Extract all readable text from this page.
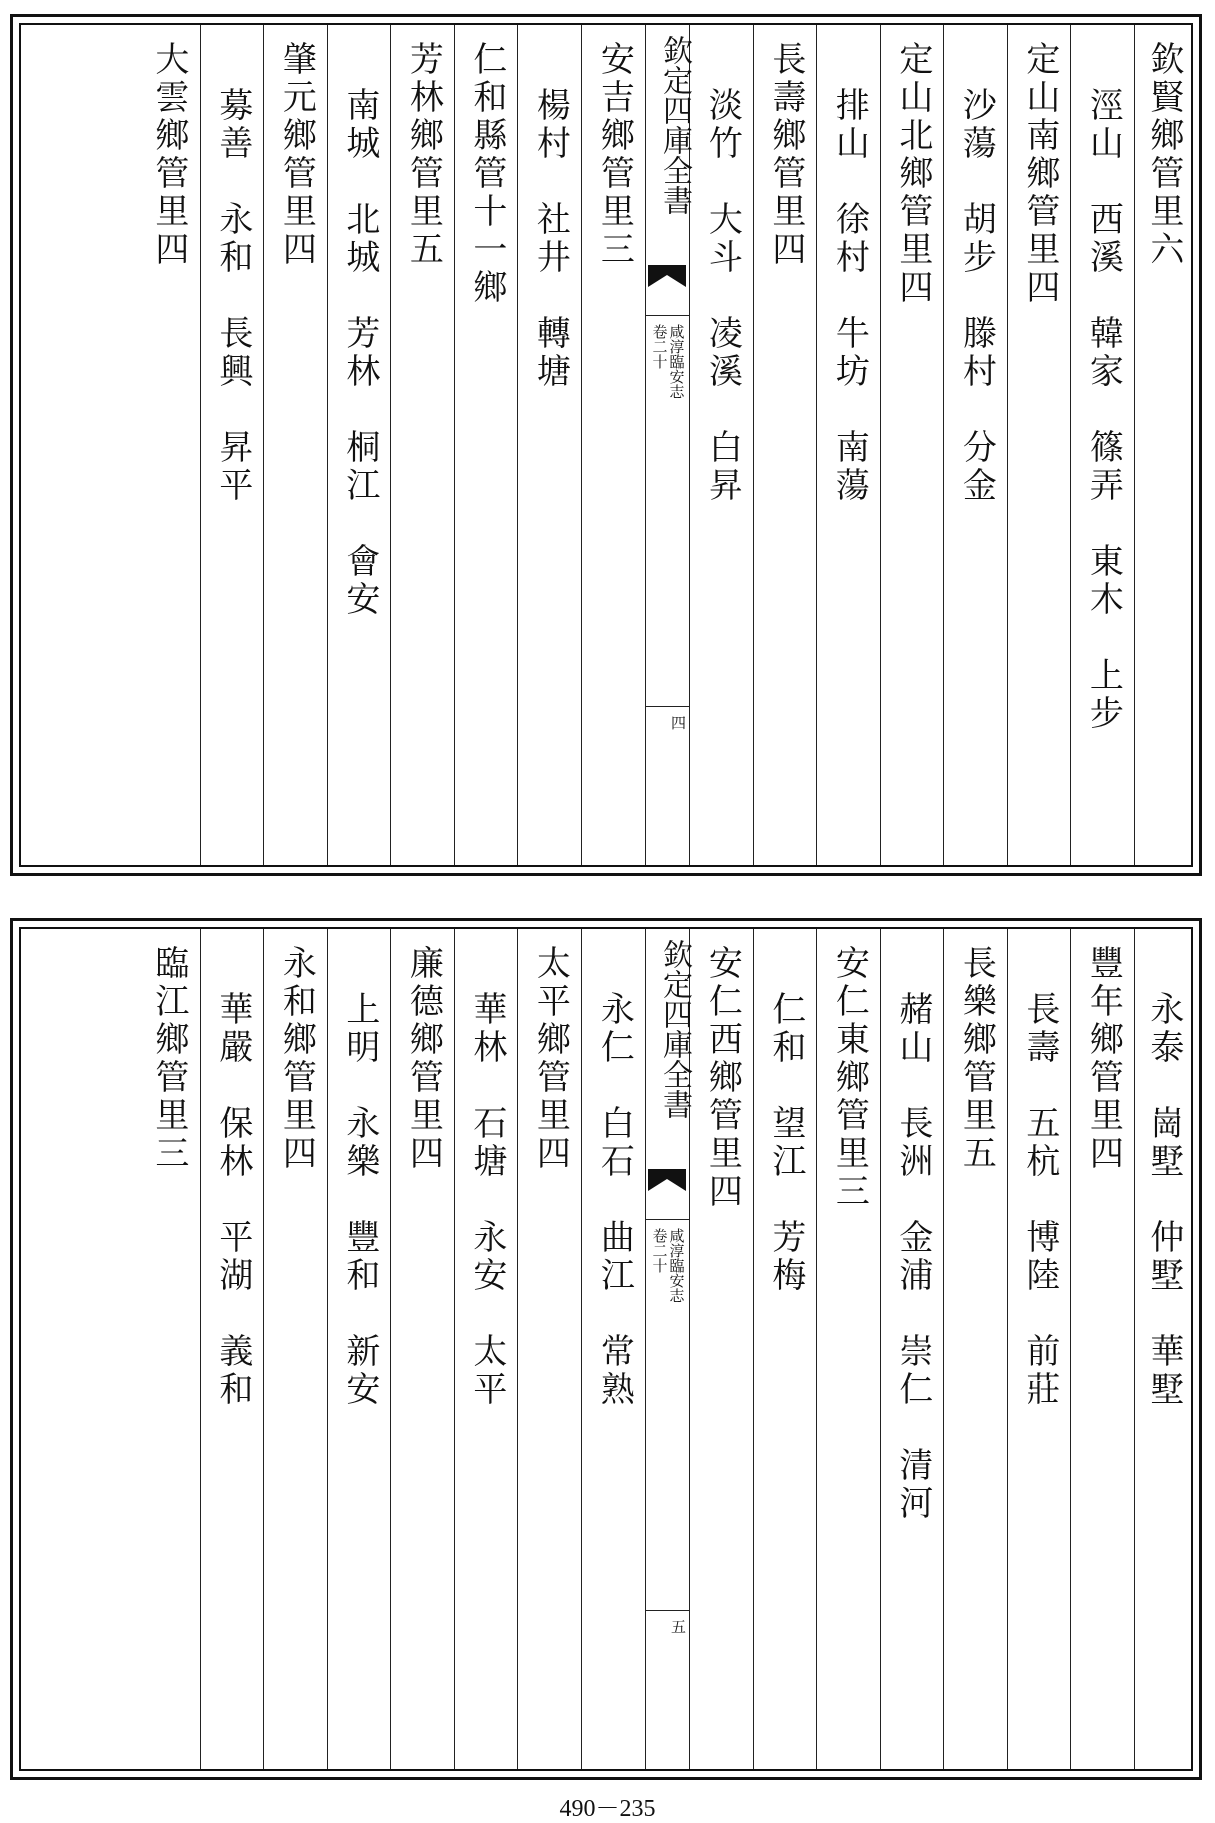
欽賢鄉管里六
涇山　西溪　韓家　篠弄　東木　上步
定山南鄉管里四
沙蕩　胡步　滕村　分金
定山北鄉管里四
排山　徐村　牛坊　南蕩
長壽鄉管里四
淡竹　大斗　凌溪　白昇
欽定四庫全書
咸淳臨安志
卷二十
四
安吉鄉管里三
楊村　社井　轉塘
仁和縣管十一鄉
芳林鄉管里五
南城　北城　芳林　桐江　會安
肇元鄉管里四
募善　永和　長興　昇平
大雲鄉管里四
永泰　崗墅　仲墅　華墅
豐年鄉管里四
長壽　五杭　博陸　前莊
長樂鄉管里五
赭山　長洲　金浦　崇仁　清河
安仁東鄉管里三
仁和　望江　芳梅
安仁西鄉管里四
欽定四庫全書
咸淳臨安志
卷二十
五
永仁　白石　曲江　常熟
太平鄉管里四
華林　石塘　永安　太平
廉德鄉管里四
上明　永樂　豐和　新安
永和鄉管里四
華嚴　保林　平湖　義和
臨江鄉管里三
490－235
